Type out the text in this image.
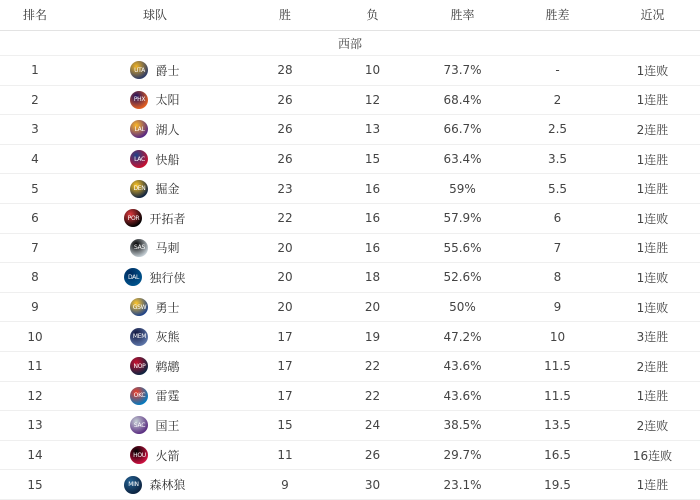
排名	球队	胜	负	胜率	胜差	近况
西部						
1	UTA 爵士	28	10	73.7%	-	1连败
2	PHX 太阳	26	12	68.4%	2	1连胜
3	LAL 湖人	26	13	66.7%	2.5	2连胜
4	LAC 快船	26	15	63.4%	3.5	1连胜
5	DEN 掘金	23	16	59%	5.5	1连胜
6	POR 开拓者	22	16	57.9%	6	1连败
7	SAS 马刺	20	16	55.6%	7	1连胜
8	DAL 独行侠	20	18	52.6%	8	1连败
9	GSW 勇士	20	20	50%	9	1连败
10	MEM 灰熊	17	19	47.2%	10	3连胜
11	NOP 鹈鹕	17	22	43.6%	11.5	2连胜
12	OKC 雷霆	17	22	43.6%	11.5	1连胜
13	SAC 国王	15	24	38.5%	13.5	2连败
14	HOU 火箭	11	26	29.7%	16.5	16连败
15	MIN 森林狼	9	30	23.1%	19.5	1连胜
